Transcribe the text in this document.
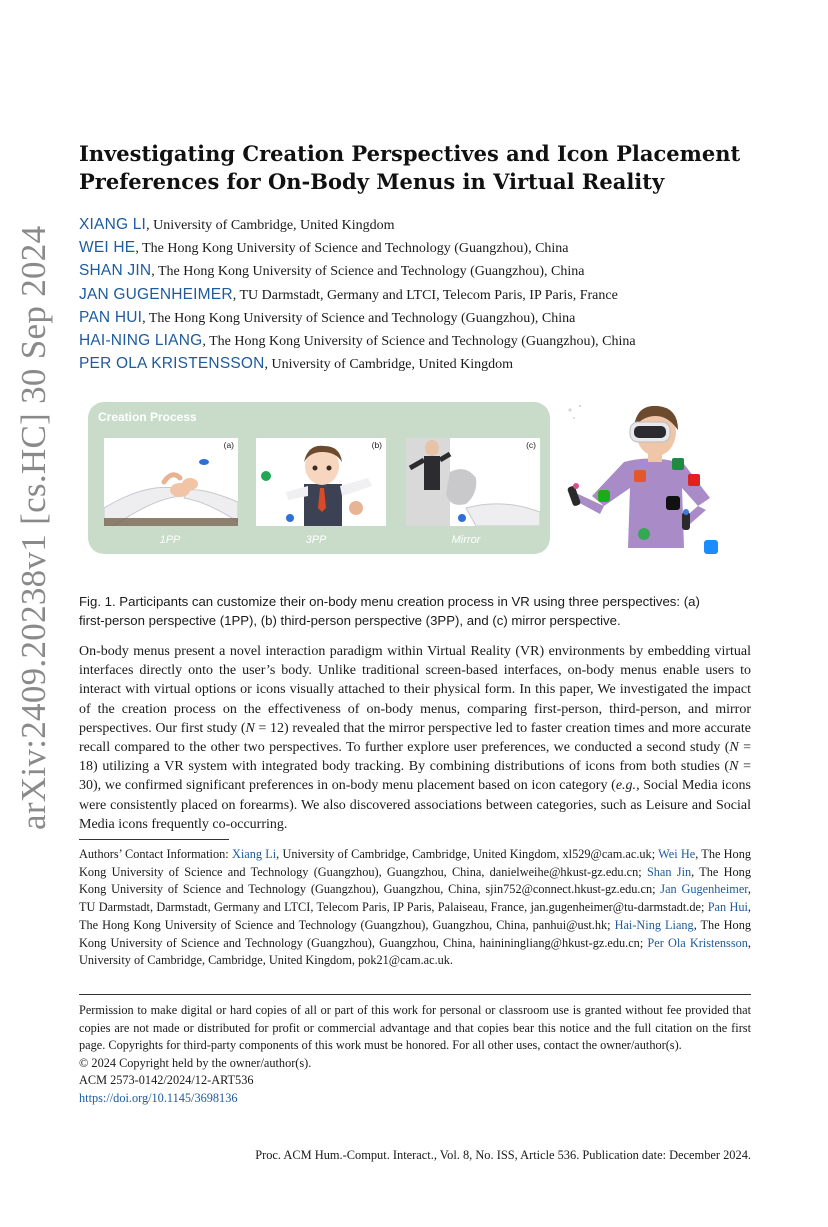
arXiv:2409.20238v1 [cs.HC] 30 Sep 2024
Investigating Creation Perspectives and Icon Placement
Preferences for On-Body Menus in Virtual Reality
XIANG LI, University of Cambridge, United Kingdom
WEI HE, The Hong Kong University of Science and Technology (Guangzhou), China
SHAN JIN, The Hong Kong University of Science and Technology (Guangzhou), China
JAN GUGENHEIMER, TU Darmstadt, Germany and LTCI, Telecom Paris, IP Paris, France
PAN HUI, The Hong Kong University of Science and Technology (Guangzhou), China
HAI-NING LIANG, The Hong Kong University of Science and Technology (Guangzhou), China
PER OLA KRISTENSSON, University of Cambridge, United Kingdom
Creation Process
(a)	(b)	(c)
1PP	3PP	Mirror
Fig. 1. Participants can customize their on-body menu creation process in VR using three perspectives: (a)
first-person perspective (1PP), (b) third-person perspective (3PP), and (c) mirror perspective.

On-body menus present a novel interaction paradigm within Virtual Reality (VR) environments by embedding virtual interfaces directly onto the user’s body. Unlike traditional screen-based interfaces, on-body menus enable users to interact with virtual options or icons visually attached to their physical form. In this paper, We investigated the impact of the creation process on the effectiveness of on-body menus, comparing first-person, third-person, and mirror perspectives. Our first study (N = 12) revealed that the mirror perspective led to faster creation times and more accurate recall compared to the other two perspectives. To further explore user preferences, we conducted a second study (N = 18) utilizing a VR system with integrated body tracking. By combining distributions of icons from both studies (N = 30), we confirmed significant preferences in on-body menu placement based on icon category (e.g., Social Media icons were consistently placed on forearms). We also discovered associations between categories, such as Leisure and Social Media icons frequently co-occurring.

Authors’ Contact Information: Xiang Li, University of Cambridge, Cambridge, United Kingdom, xl529@cam.ac.uk; Wei He, The Hong Kong University of Science and Technology (Guangzhou), Guangzhou, China, danielweihe@hkust-gz.edu.cn; Shan Jin, The Hong Kong University of Science and Technology (Guangzhou), Guangzhou, China, sjin752@connect.hkust-gz.edu.cn; Jan Gugenheimer, TU Darmstadt, Darmstadt, Germany and LTCI, Telecom Paris, IP Paris, Palaiseau, France, jan.gugenheimer@tu-darmstadt.de; Pan Hui, The Hong Kong University of Science and Technology (Guangzhou), Guangzhou, China, panhui@ust.hk; Hai-Ning Liang, The Hong Kong University of Science and Technology (Guangzhou), Guangzhou, China, haininingliang@hkust-gz.edu.cn; Per Ola Kristensson, University of Cambridge, Cambridge, United Kingdom, pok21@cam.ac.uk.

Permission to make digital or hard copies of all or part of this work for personal or classroom use is granted without fee provided that copies are not made or distributed for profit or commercial advantage and that copies bear this notice and the full citation on the first page. Copyrights for third-party components of this work must be honored. For all other uses, contact the owner/author(s).
© 2024 Copyright held by the owner/author(s).
ACM 2573-0142/2024/12-ART536
https://doi.org/10.1145/3698136
Proc. ACM Hum.-Comput. Interact., Vol. 8, No. ISS, Article 536. Publication date: December 2024.
